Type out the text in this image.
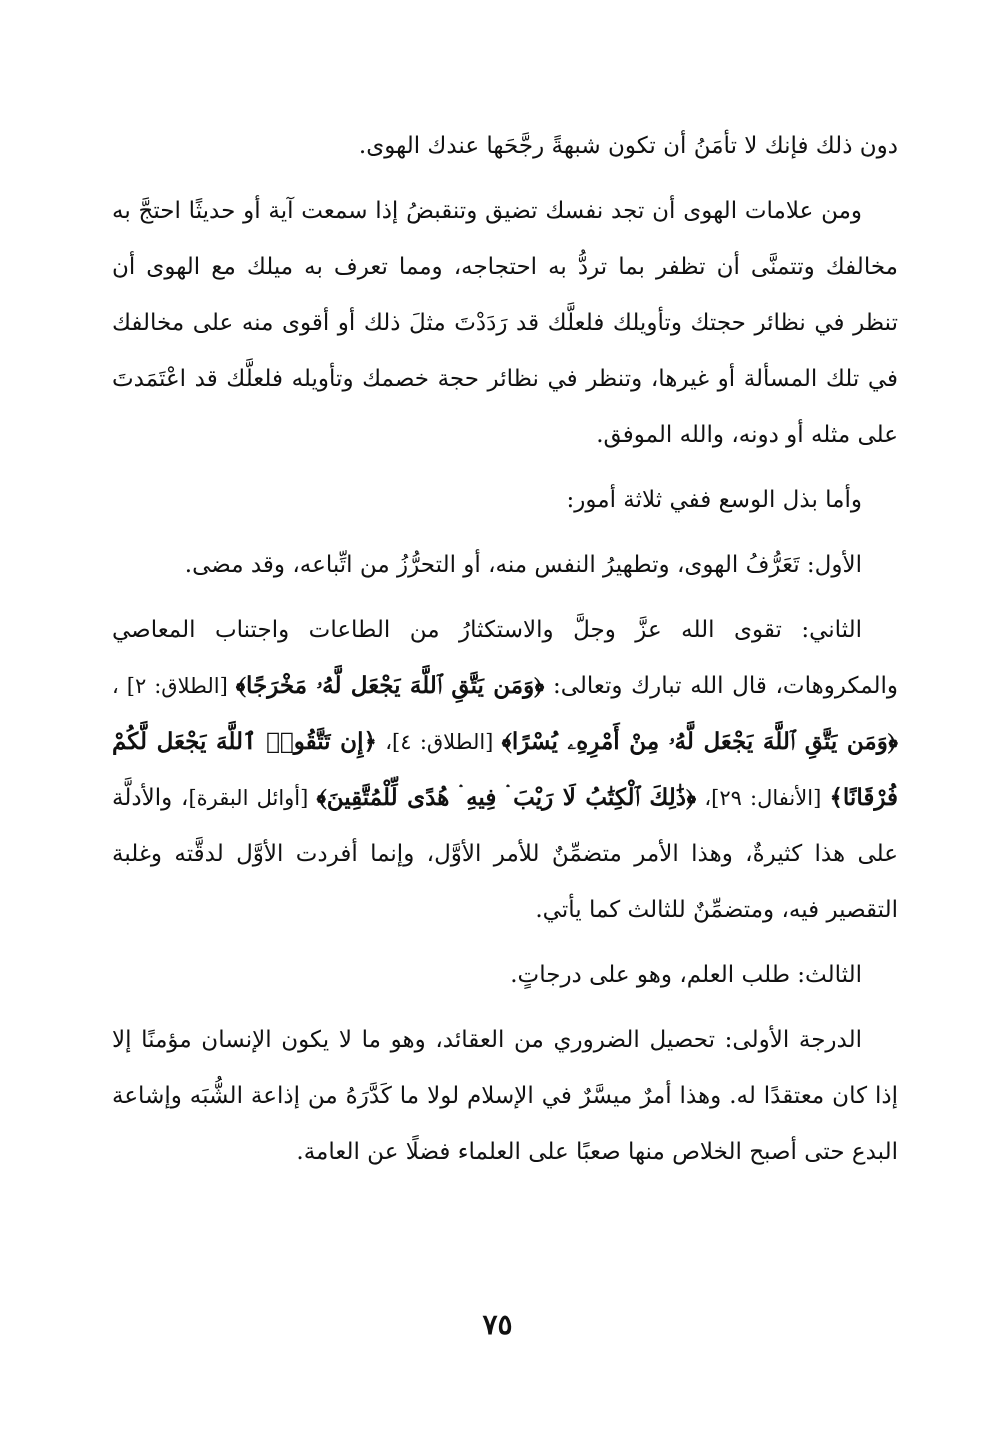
دون ذلك فإنك لا تأمَنُ أن تكون شبهةً رجَّحَها عندك الهوى.

ومن علامات الهوى أن تجد نفسك تضيق وتنقبضُ إذا سمعت آية أو حديثًا احتجَّ به مخالفك وتتمنَّى أن تظفر بما تردُّ به احتجاجه، ومما تعرف به ميلك مع الهوى أن تنظر في نظائر حجتك وتأويلك فلعلَّك قد رَدَدْتَ مثلَ ذلك أو أقوى منه على مخالفك في تلك المسألة أو غيرها، وتنظر في نظائر حجة خصمك وتأويله فلعلَّك قد اعْتَمَدتَ على مثله أو دونه، والله الموفق.

وأما بذل الوسع ففي ثلاثة أمور:

الأول: تَعَرُّفُ الهوى، وتطهيرُ النفس منه، أو التحرُّزُ من اتِّباعه، وقد مضى.

الثاني: تقوى الله عزَّ وجلَّ والاستكثارُ من الطاعات واجتناب المعاصي والمكروهات، قال الله تبارك وتعالى: ﴿وَمَن يَتَّقِ ٱللَّهَ يَجْعَل لَّهُۥ مَخْرَجًا﴾ [الطلاق: ٢] ، ﴿وَمَن يَتَّقِ ٱللَّهَ يَجْعَل لَّهُۥ مِنْ أَمْرِهِۦ يُسْرًا﴾ [الطلاق: ٤]، ﴿إِن تَتَّقُوا۟ ٱللَّهَ يَجْعَل لَّكُمْ فُرْقَانًا﴾ [الأنفال: ٢٩]، ﴿ذَٰلِكَ ٱلْكِتَٰبُ لَا رَيْبَ ۛ فِيهِ ۛ هُدًى لِّلْمُتَّقِينَ﴾ [أوائل البقرة]، والأدلَّة على هذا كثيرةٌ، وهذا الأمر متضمِّنٌ للأمر الأوَّل، وإنما أفردت الأوَّل لدقَّته وغلبة التقصير فيه، ومتضمِّنٌ للثالث كما يأتي.

الثالث: طلب العلم، وهو على درجاتٍ.

الدرجة الأولى: تحصيل الضروري من العقائد، وهو ما لا يكون الإنسان مؤمنًا إلا إذا كان معتقدًا له. وهذا أمرٌ ميسَّرٌ في الإسلام لولا ما كَدَّرَهُ من إذاعة الشُّبَه وإشاعة البدع حتى أصبح الخلاص منها صعبًا على العلماء فضلًا عن العامة.

٧٥
